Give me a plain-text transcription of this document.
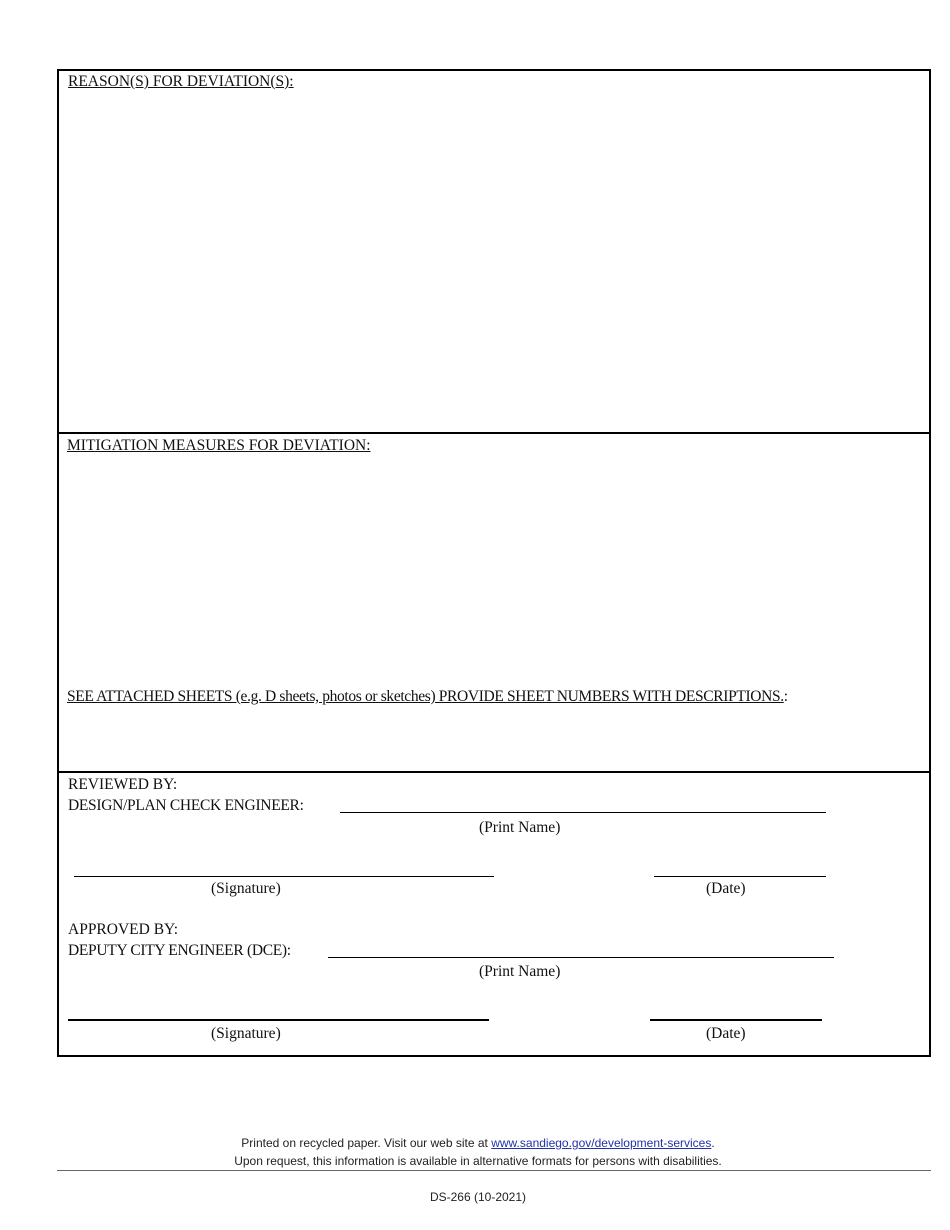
REASON(S) FOR DEVIATION(S):
MITIGATION MEASURES FOR DEVIATION:
SEE ATTACHED SHEETS (e.g. D sheets, photos or sketches) PROVIDE SHEET NUMBERS WITH DESCRIPTIONS.:
REVIEWED BY:
DESIGN/PLAN CHECK ENGINEER:
(Print Name)
(Signature)	(Date)
APPROVED BY:
DEPUTY CITY ENGINEER (DCE):
(Print Name)
(Signature)	(Date)
Printed on recycled paper. Visit our web site at www.sandiego.gov/development-services.
Upon request, this information is available in alternative formats for persons with disabilities.
DS-266 (10-2021)
